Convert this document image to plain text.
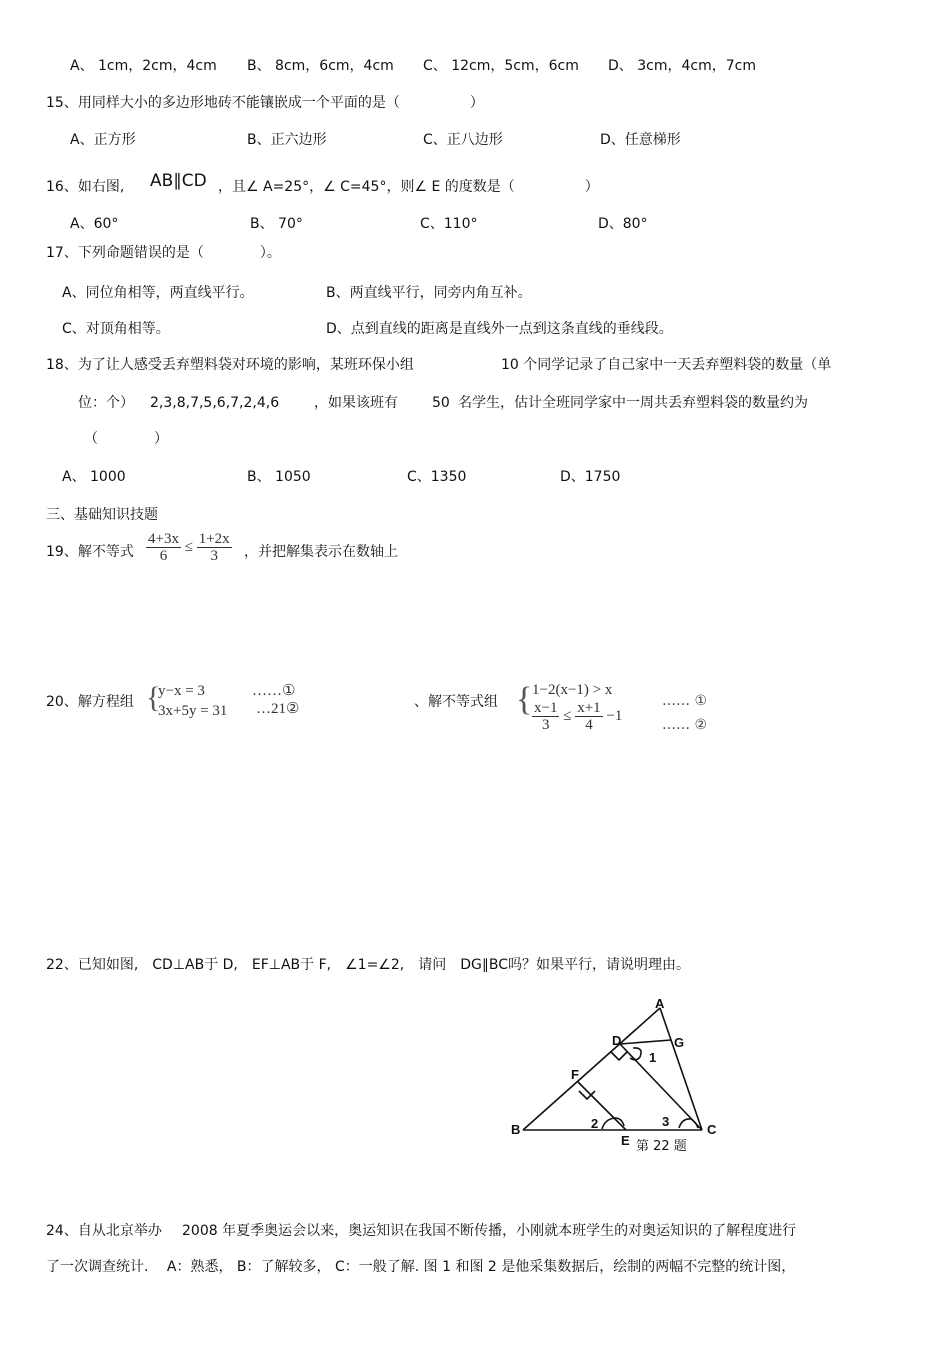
A、 1cm，2cm，4cm B、 8cm，6cm，4cm C、 12cm，5cm，6cm D、 3cm，4cm，7cm
15、用同样大小的多边形地砖不能镶嵌成一个平面的是（　　　　　）
A、正方形	B、正六边形	C、正八边形	D、任意梯形
16、如右图, AB∥CD ，且∠ A=25°，∠ C=45°，则∠ E 的度数是（　　　　　）
A、60°	B、 70°	C、110°	D、80°
17、下列命题错误的是（　　　　）。
A、同位角相等，两直线平行。	B、两直线平行，同旁内角互补。
C、对顶角相等。	D、点到直线的距离是直线外一点到这条直线的垂线段。
18、为了让人感受丢弃塑料袋对环境的影响，某班环保小组	10 个同学记录了自己家中一天丢弃塑料袋的数量（单
位：个） 2,3,8,7,5,6,7,2,4,6 ，如果该班有 50 名学生，估计全班同学家中一周共丢弃塑料袋的数量约为
（　　　　）
A、 1000	B、 1050	C、1350	D、1750
三、基础知识技题
19、解不等式 $\frac{4+3x}{6} \le \frac{1+2x}{3}$ ，并把解集表示在数轴上
20、解方程组 {
y−x = 3	……①
3x+5y = 31 …21②	、解不等式组 { 1−2(x−1) > x
$\frac{x-1}{3} \le \frac{x+1}{4} -1$
…… ①
…… ②
22、已知如图,　CD⊥AB于 D,　EF⊥AB于 F,　∠1=∠2,　请问　DG∥BC吗？如果平行，请说明理由。
A
B	C
D
E
F
G
1
2	3
第 22 题
24、自从北京举办 2008 年夏季奥运会以来，奥运知识在我国不断传播，小刚就本班学生的对奥运知识的了解程度进行
了一次调查统计.　 A：熟悉， B：了解较多， C：一般了解. 图 1 和图 2 是他采集数据后，绘制的两幅不完整的统计图，
